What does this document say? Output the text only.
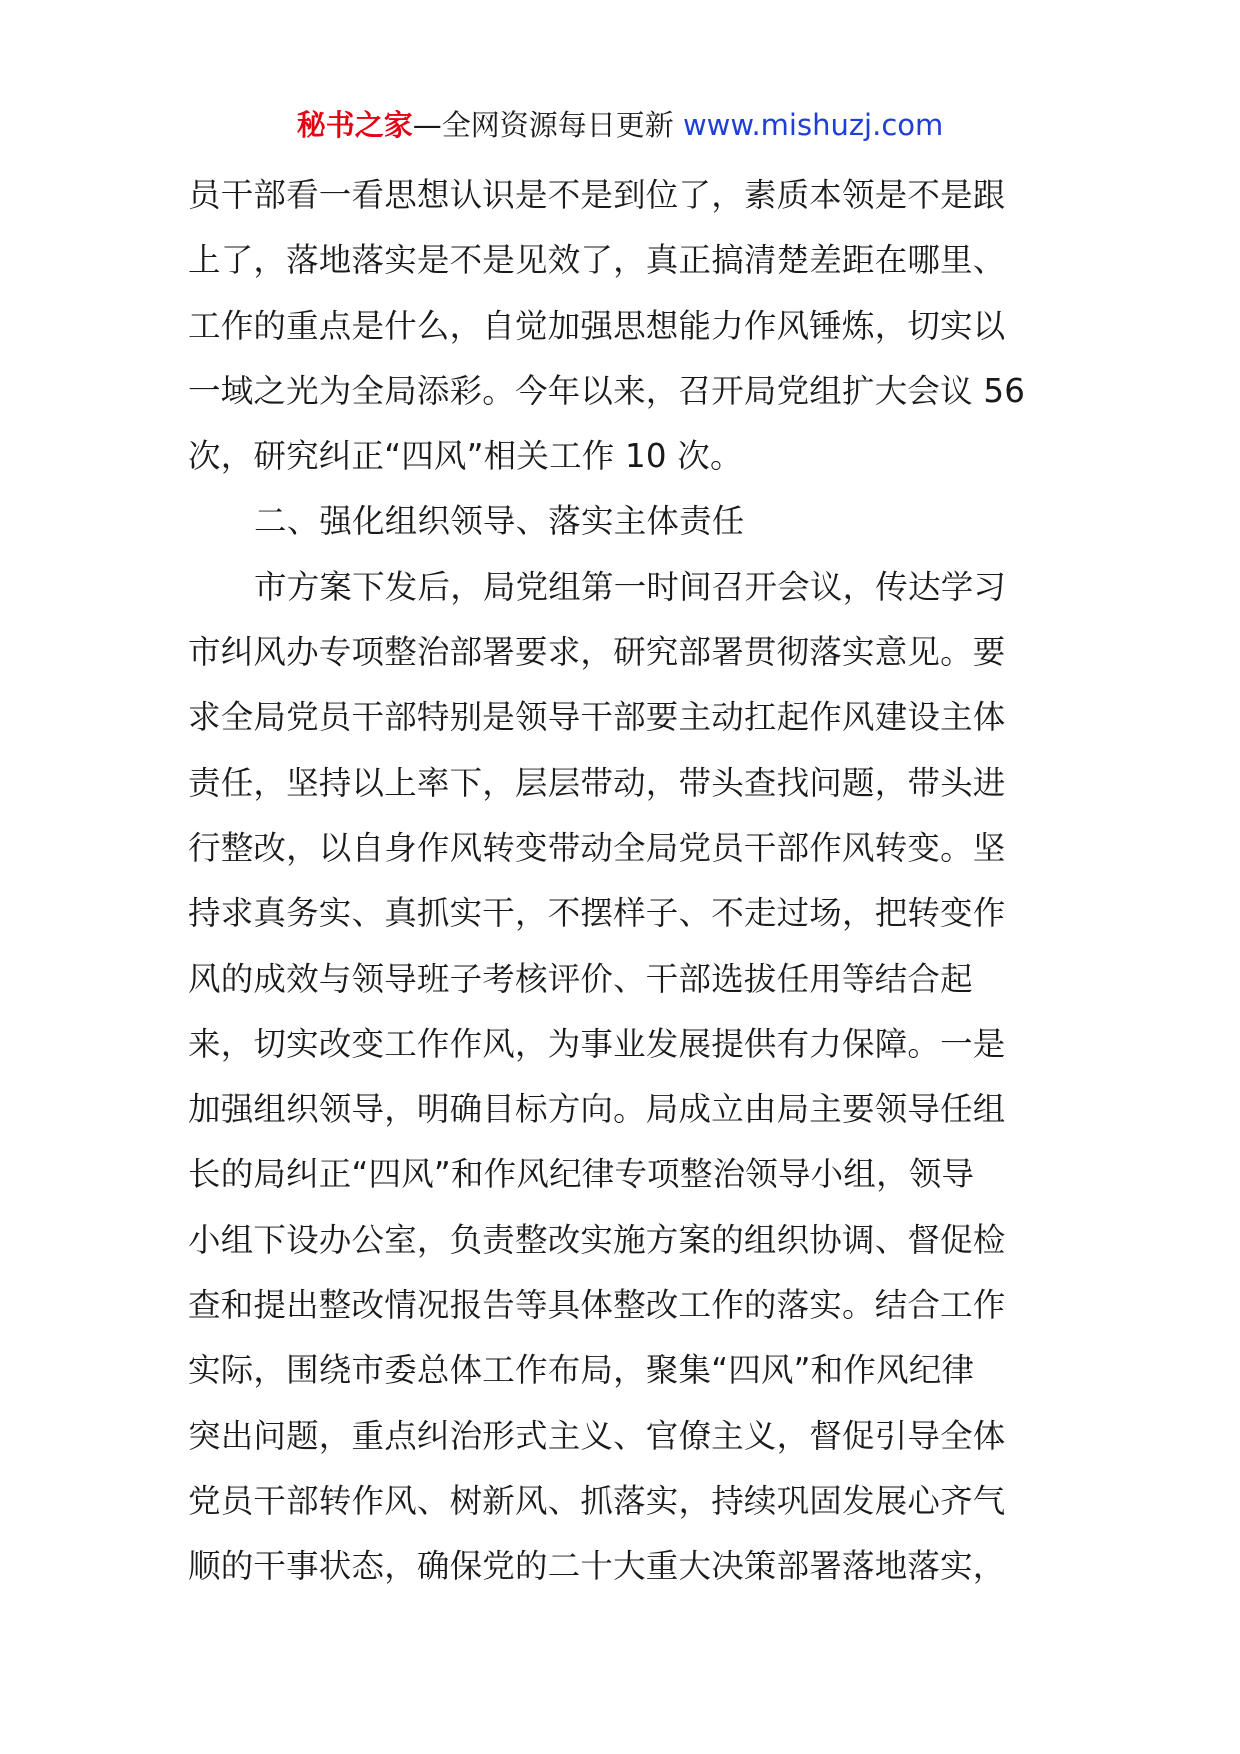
秘书之家—全网资源每日更新 www.mishuzj.com
员干部看一看思想认识是不是到位了，素质本领是不是跟
上了，落地落实是不是见效了，真正搞清楚差距在哪里、
工作的重点是什么，自觉加强思想能力作风锤炼，切实以
一域之光为全局添彩。今年以来，召开局党组扩大会议 56
次，研究纠正“四风”相关工作 10 次。
二、强化组织领导、落实主体责任
市方案下发后，局党组第一时间召开会议，传达学习
市纠风办专项整治部署要求，研究部署贯彻落实意见。要
求全局党员干部特别是领导干部要主动扛起作风建设主体
责任，坚持以上率下，层层带动，带头查找问题，带头进
行整改，以自身作风转变带动全局党员干部作风转变。坚
持求真务实、真抓实干，不摆样子、不走过场，把转变作
风的成效与领导班子考核评价、干部选拔任用等结合起
来，切实改变工作作风，为事业发展提供有力保障。一是
加强组织领导，明确目标方向。局成立由局主要领导任组
长的局纠正“四风”和作风纪律专项整治领导小组，领导
小组下设办公室，负责整改实施方案的组织协调、督促检
查和提出整改情况报告等具体整改工作的落实。结合工作
实际，围绕市委总体工作布局，聚集“四风”和作风纪律
突出问题，重点纠治形式主义、官僚主义，督促引导全体
党员干部转作风、树新风、抓落实，持续巩固发展心齐气
顺的干事状态，确保党的二十大重大决策部署落地落实，
